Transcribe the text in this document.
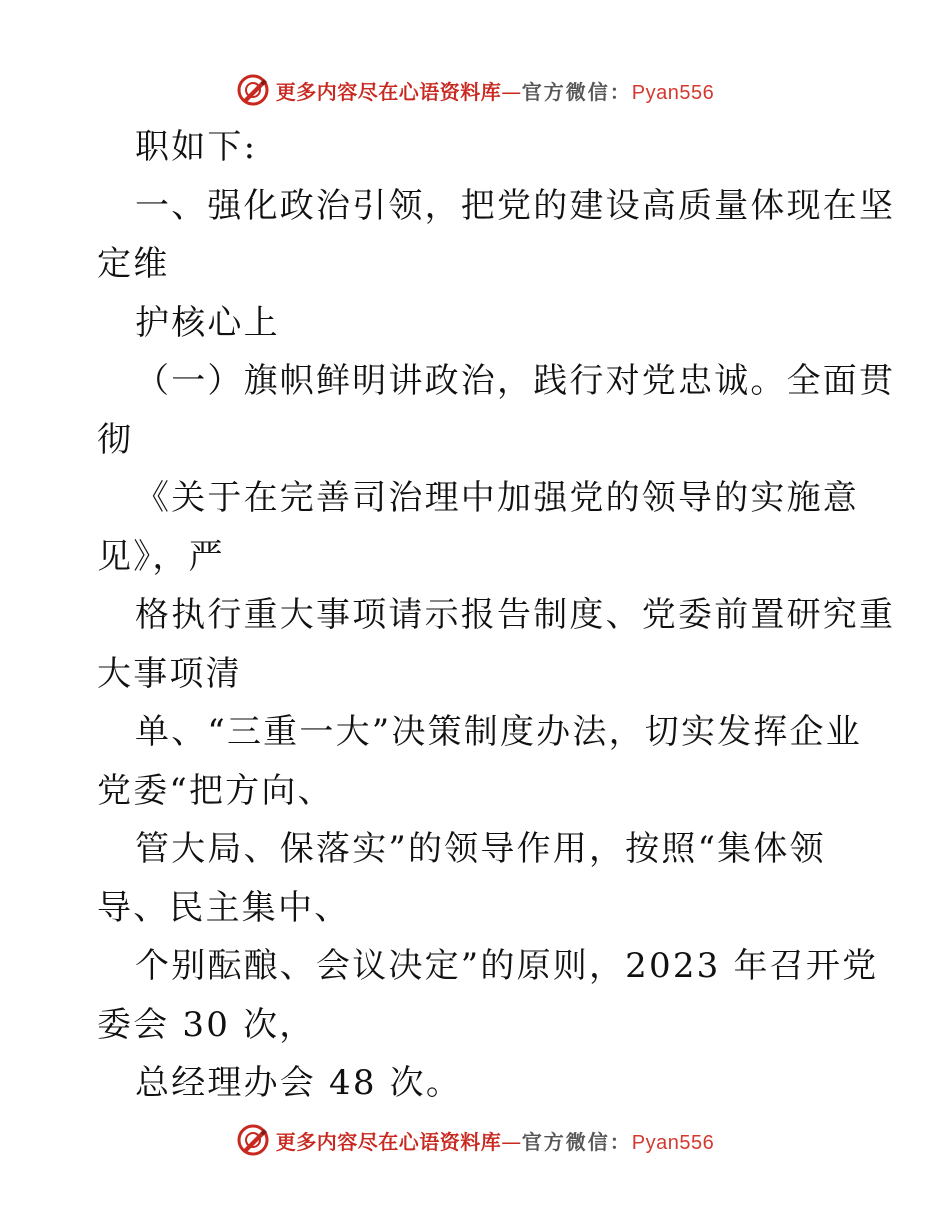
更多内容尽在心语资料库—官方微信：Pyan556
职如下:
一、强化政治引领，把党的建设高质量体现在坚
定维
护核心上
（一）旗帜鲜明讲政治，践行对党忠诚。全面贯
彻
《关于在完善司治理中加强党的领导的实施意
见》，严
格执行重大事项请示报告制度、党委前置研究重
大事项清
单、“三重一大”决策制度办法，切实发挥企业
党委“把方向、
管大局、保落实”的领导作用，按照“集体领
导、民主集中、
个别酝酿、会议决定”的原则，2023 年召开党
委会 30 次，
总经理办会 48 次。
更多内容尽在心语资料库—官方微信：Pyan556
